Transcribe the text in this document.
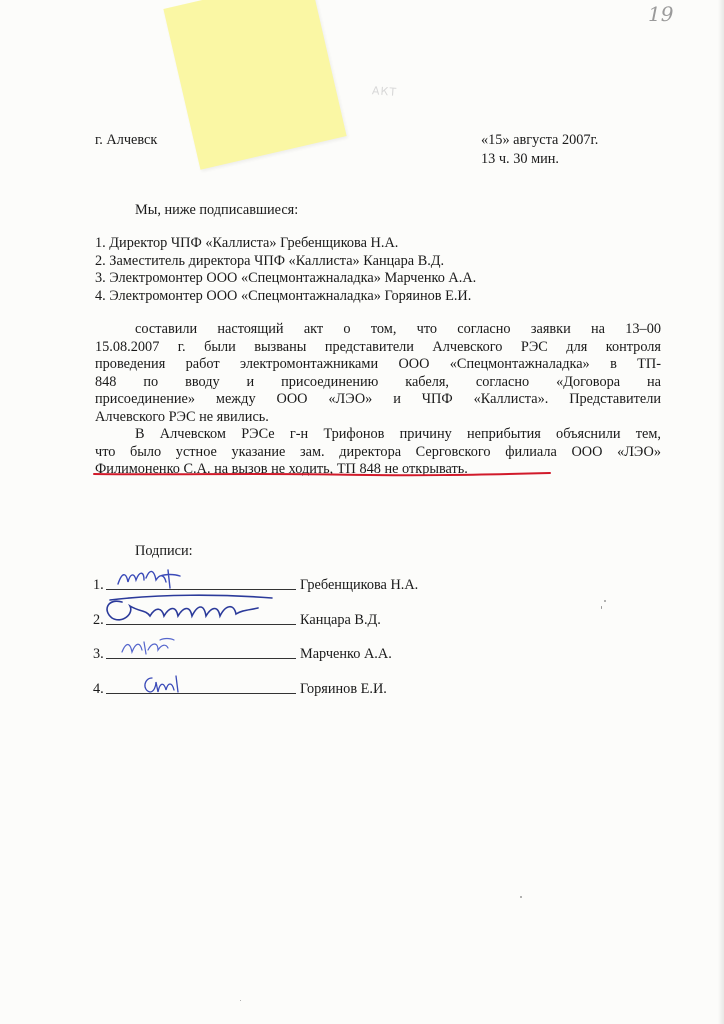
19
АКТ
г. Алчевск	«15» августа 2007г.
13 ч. 30 мин.
Мы, ниже подписавшиеся:
1. Директор ЧПФ «Каллиста» Гребенщикова Н.А.
2. Заместитель директора ЧПФ «Каллиста» Канцара В.Д.
3. Электромонтер ООО «Спецмонтажналадка» Марченко А.А.
4. Электромонтер ООО «Спецмонтажналадка» Горяинов Е.И.
составили настоящий акт о том, что согласно заявки на 13–00
15.08.2007 г. были вызваны представители Алчевского РЭС для контроля
проведения работ электромонтажниками ООО «Спецмонтажналадка» в ТП-
848 по вводу и присоединению кабеля, согласно «Договора на
присоединение» между ООО «ЛЭО» и ЧПФ «Каллиста». Представители
Алчевского РЭС не явились.
В Алчевском РЭСе г-н Трифонов причину неприбытия объяснили тем,
что было устное указание зам. директора Серговского филиала ООО «ЛЭО»
Филимоненко С.А. на вызов не ходить, ТП 848 не открывать.
Подписи:
1.	Гребенщикова Н.А.
2.	Канцара В.Д.
3.	Марченко А.А.
4.	Горяинов Е.И.
